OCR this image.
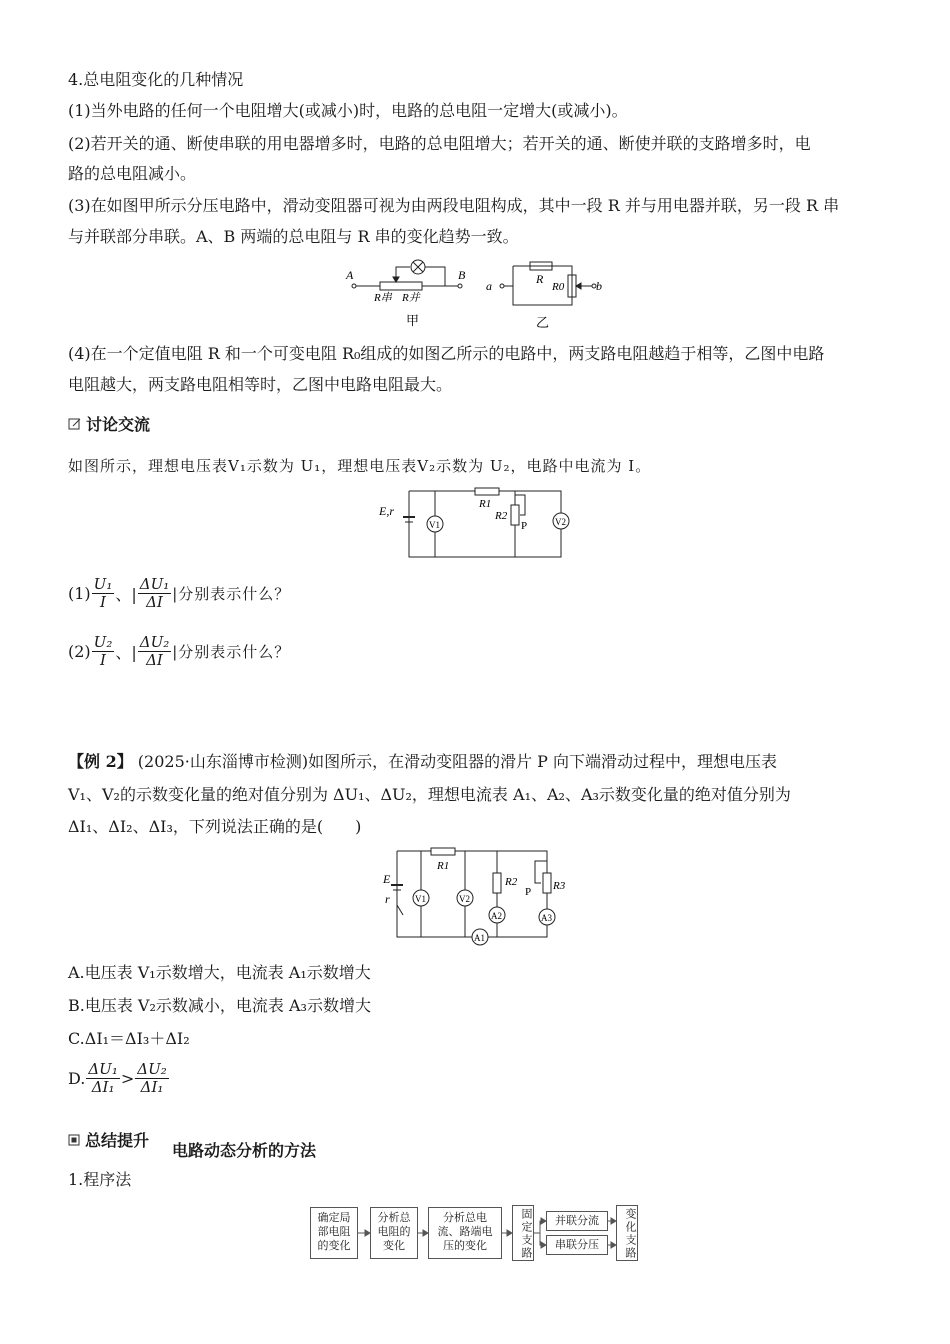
4.总电阻变化的几种情况
(1)当外电路的任何一个电阻增大(或减小)时，电路的总电阻一定增大(或减小)。
(2)若开关的通、断使串联的用电器增多时，电路的总电阻增大；若开关的通、断使并联的支路增多时，电
路的总电阻减小。
(3)在如图甲所示分压电路中，滑动变阻器可视为由两段电阻构成，其中一段 R 并与用电器并联，另一段 R 串
与并联部分串联。A、B 两端的总电阻与 R 串的变化趋势一致。
A	B
R串 R并
甲
a	R
R0	b
乙
(4)在一个定值电阻 R 和一个可变电阻 R₀组成的如图乙所示的电路中，两支路电阻越趋于相等，乙图中电路
电阻越大，两支路电阻相等时，乙图中电路电阻最大。
讨论交流
如图所示，理想电压表V₁示数为 U₁，理想电压表V₂示数为 U₂，电路中电流为 I。
E,r
V1
R1
R2
P	V2
$(1) \frac{\text{U₁}}{I}$ 、| $\frac{\text{ΔU₁}}{\Delta I}$ |分别表示什么？
$(2) \frac{\text{U₂}}{I}$ 、| $\frac{\text{ΔU₂}}{\Delta I}$ |分别表示什么？
【例 2】 (2025·山东淄博市检测)如图所示，在滑动变阻器的滑片 P 向下端滑动过程中，理想电压表
V₁、V₂的示数变化量的绝对值分别为 ΔU₁、ΔU₂，理想电流表 A₁、A₂、A₃示数变化量的绝对值分别为
ΔI₁、ΔI₂、ΔI₃，下列说法正确的是(　　)
E
r	V1
R1
V2
R2	R3
P
A2	A3
A1
A.电压表 V₁示数增大，电流表 A₁示数增大
B.电压表 V₂示数减小，电流表 A₃示数增大
C.ΔI₁＝ΔI₃＋ΔI₂
D. $\frac{\text{ΔU₁}}{\text{ΔI₁}} > \frac{\text{ΔU₂}}{\text{ΔI₁}}$
总结提升
电路动态分析的方法
1.程序法
确定局部电阻的变化
分析总电阻的变化
分析总电流、路端电压的变化	固定支路	并联分流
串联分压	变化支路
